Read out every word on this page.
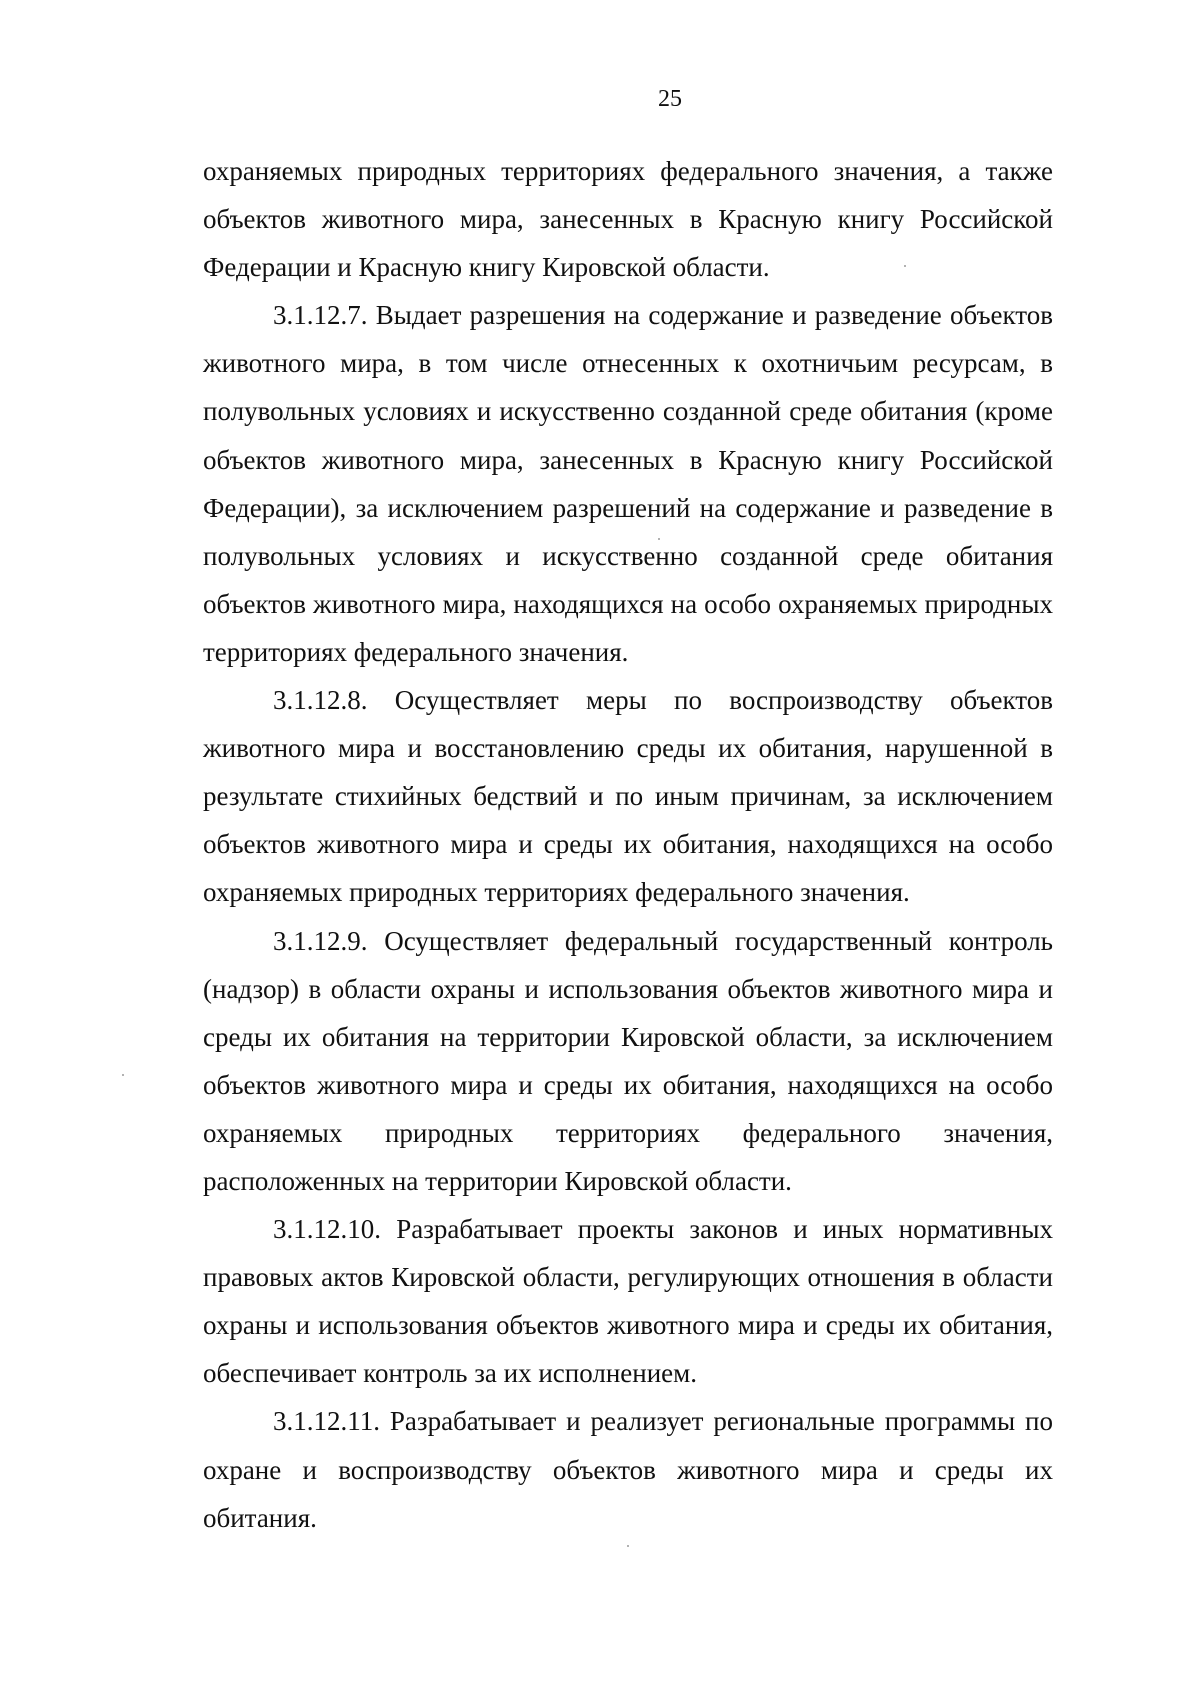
25

охраняемых природных территориях федерального значения, а также объектов животного мира, занесенных в Красную книгу Российской Федерации и Красную книгу Кировской области.

3.1.12.7. Выдает разрешения на содержание и разведение объектов животного мира, в том числе отнесенных к охотничьим ресурсам, в полувольных условиях и искусственно созданной среде обитания (кроме объектов животного мира, занесенных в Красную книгу Российской Федерации), за исключением разрешений на содержание и разведение в полувольных условиях и искусственно созданной среде обитания объектов животного мира, находящихся на особо охраняемых природных территориях федерального значения.

3.1.12.8. Осуществляет меры по воспроизводству объектов животного мира и восстановлению среды их обитания, нарушенной в результате стихийных бедствий и по иным причинам, за исключением объектов животного мира и среды их обитания, находящихся на особо охраняемых природных территориях федерального значения.

3.1.12.9. Осуществляет федеральный государственный контроль (надзор) в области охраны и использования объектов животного мира и среды их обитания на территории Кировской области, за исключением объектов животного мира и среды их обитания, находящихся на особо охраняемых природных территориях федерального значения, расположенных на территории Кировской области.

3.1.12.10. Разрабатывает проекты законов и иных нормативных правовых актов Кировской области, регулирующих отношения в области охраны и использования объектов животного мира и среды их обитания, обеспечивает контроль за их исполнением.

3.1.12.11. Разрабатывает и реализует региональные программы по охране и воспроизводству объектов животного мира и среды их обитания.
